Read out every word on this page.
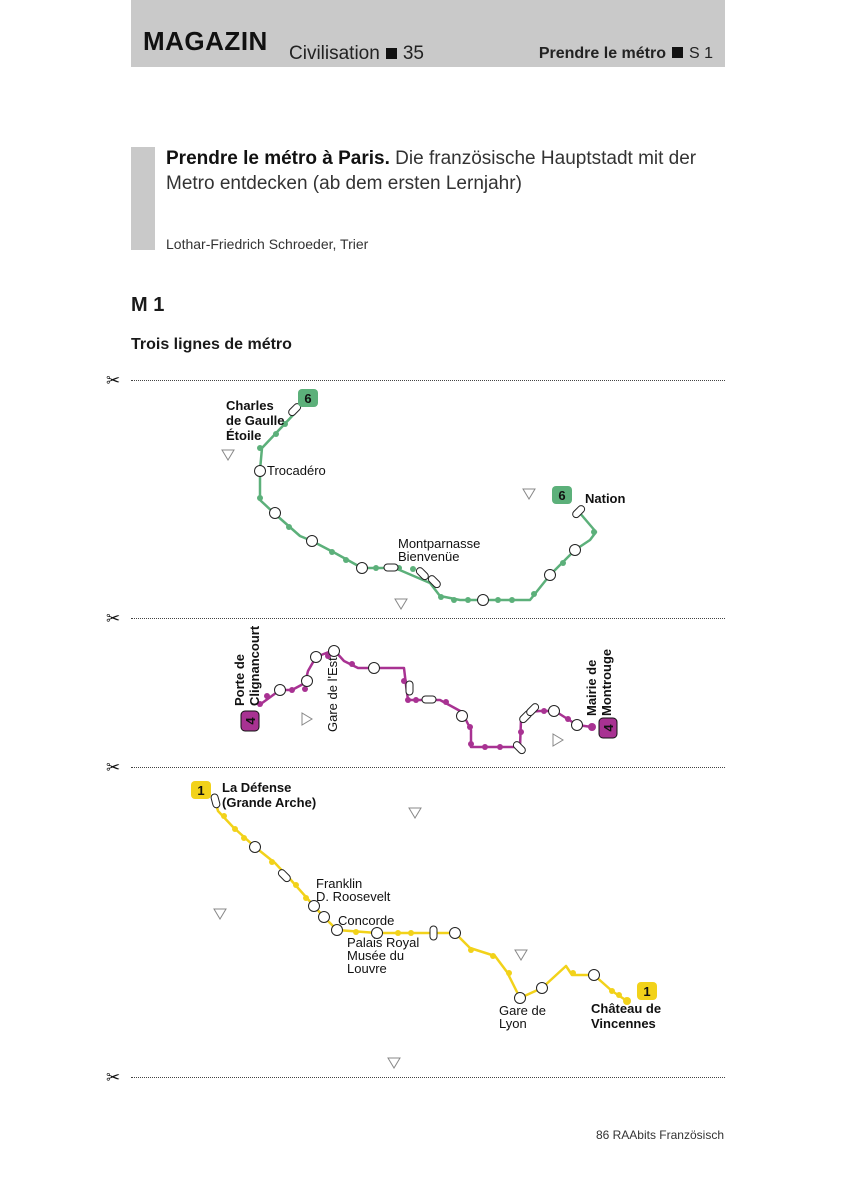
MAGAZIN Civilisation 35	Prendre le métro S 1
Prendre le métro à Paris. Die französische Hauptstadt mit der Metro entdecken (ab dem ersten Lernjahr)
Lothar-Friedrich Schroeder, Trier
M 1
Trois lignes de métro
✂
✂
✂
✂
6
6
Charles de Gaulle Étoile
Nation
Trocadéro
Montparnasse Bienvenüe
4
4
Porte de Clignancourt	Mairie de Montrouge
Gare de l'Est
1
1
La Défense (Grande Arche)
Château de Vincennes
Franklin D. Roosevelt
Concorde
Palais Royal Musée du Louvre
Gare de Lyon
86 RAAbits Französisch
